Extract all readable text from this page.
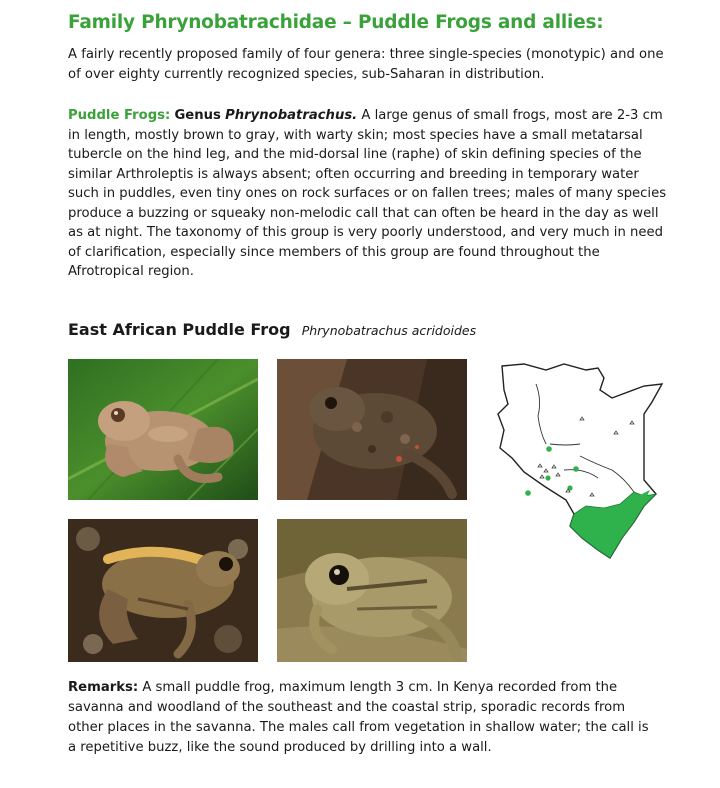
Family Phrynobatrachidae – Puddle Frogs and allies:

A fairly recently proposed family of four genera: three single-species (monotypic) and one of over eighty currently recognized species, sub-Saharan in distribution.

Puddle Frogs: Genus Phrynobatrachus. A large genus of small frogs, most are 2-3 cm in length, mostly brown to gray, with warty skin; most species have a small metatarsal tubercle on the hind leg, and the mid-dorsal line (raphe) of skin defining species of the similar Arthroleptis is always absent; often occurring and breeding in temporary water such in puddles, even tiny ones on rock surfaces or on fallen trees; males of many species produce a buzzing or squeaky non-melodic call that can often be heard in the day as well as at night. The taxonomy of this group is very poorly understood, and very much in need of clarification, especially since members of this group are found throughout the Afrotropical region.

East African Puddle Frog Phrynobatrachus acridoides

Remarks: A small puddle frog, maximum length 3 cm. In Kenya recorded from the savanna and woodland of the southeast and the coastal strip, sporadic records from other places in the savanna. The males call from vegetation in shallow water; the call is a repetitive buzz, like the sound produced by drilling into a wall.
